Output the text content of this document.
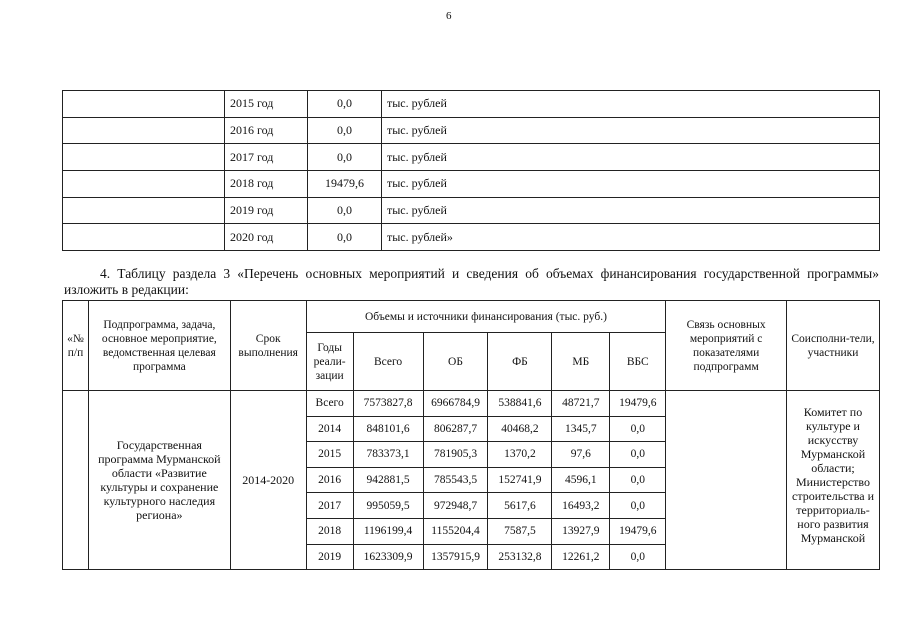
6
	2015 год	0,0	тыс. рублей
	2016 год	0,0	тыс. рублей
	2017 год	0,0	тыс. рублей
	2018 год	19479,6	тыс. рублей
	2019 год	0,0	тыс. рублей
	2020 год	0,0	тыс. рублей»
4. Таблицу раздела 3 «Перечень основных мероприятий и сведения об объемах финансирования государственной программы» изложить в редакции:
«№ п/п	Подпрограмма, задача, основное мероприятие, ведомственная целевая программа	Срок выполнения	Объемы и источники финансирования (тыс. руб.)						Связь основных мероприятий с показателями подпрограмм	Соисполни-тели, участники
			Годы реали-зации	Всего	ОБ	ФБ	МБ	ВБС		
	Государственная программа Мурманской области «Развитие культуры и сохранение культурного наследия региона»	2014-2020	Всего	7573827,8	6966784,9	538841,6	48721,7	19479,6		Комитет по культуре и искусству Мурманской области; Министерство строительства и территориаль-ного развития Мурманской
			2014	848101,6	806287,7	40468,2	1345,7	0,0		
			2015	783373,1	781905,3	1370,2	97,6	0,0		
			2016	942881,5	785543,5	152741,9	4596,1	0,0		
			2017	995059,5	972948,7	5617,6	16493,2	0,0		
			2018	1196199,4	1155204,4	7587,5	13927,9	19479,6		
			2019	1623309,9	1357915,9	253132,8	12261,2	0,0		
